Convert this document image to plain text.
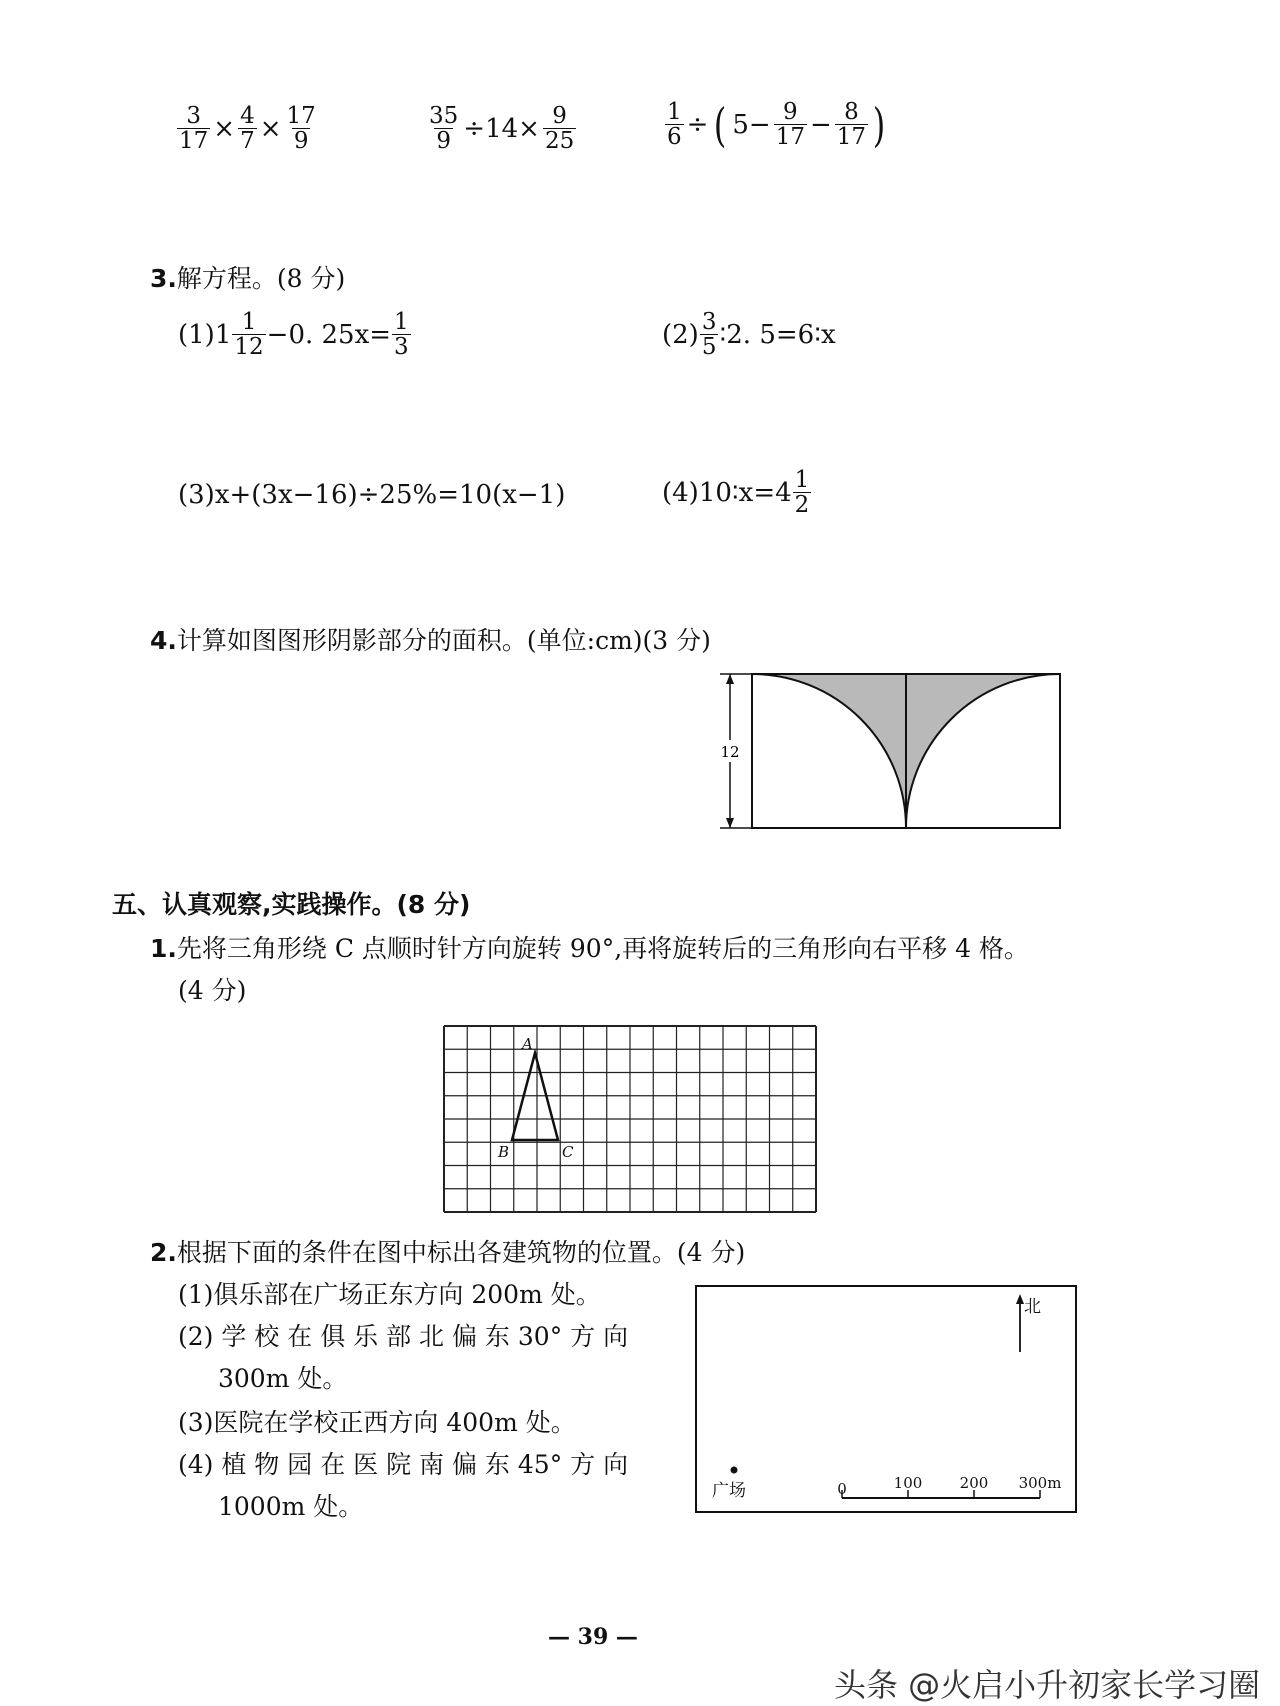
$\frac{3}{17} \times \frac{4}{7} \times \frac{17}{9}$	$\frac{35}{9} \div 14\times \frac{9}{25}$	$\frac{1}{6}$ ÷ ( $5- \frac{9}{17} - \frac{8}{17}$ )
3.解方程。(8 分)
$(1)1 \frac{1}{12} -0$. $25x= \frac{1}{3}$	$(2) \frac{3}{5}$ ∶2. 5=6∶x
(3)x+(3x−16)÷25%=10(x−1)	(4)10∶x=4 $\frac{1}{2}$
4.计算如图图形阴影部分的面积。(单位:cm)(3 分)
12
五、认真观察,实践操作。(8 分)
1.先将三角形绕 C 点顺时针方向旋转 90°,再将旋转后的三角形向右平移 4 格。
(4 分)
A
B	C
2.根据下面的条件在图中标出各建筑物的位置。(4 分)
(1)俱乐部在广场正东方向 200m 处。
(2) 学 校 在 俱 乐 部 北 偏 东 30° 方 向
300m 处。
(3)医院在学校正西方向 400m 处。
(4) 植 物 园 在 医 院 南 偏 东 45° 方 向
1000m 处。
北
广场	0	100 200 300m
— 39 —
头条 @火启小升初家长学习圈
